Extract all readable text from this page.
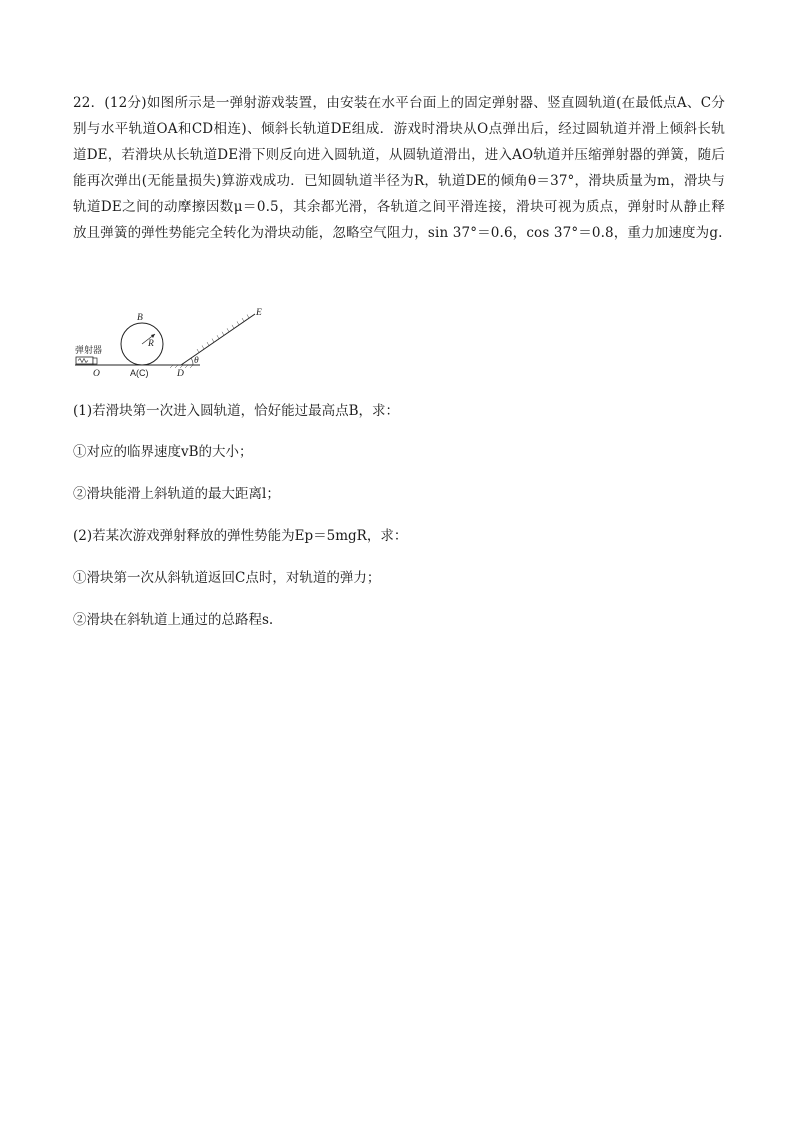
22．(12分)如图所示是一弹射游戏装置，由安装在水平台面上的固定弹射器、竖直圆轨道(在最低点A、C分别与水平轨道OA和CD相连)、倾斜长轨道DE组成．游戏时滑块从O点弹出后，经过圆轨道并滑上倾斜长轨道DE，若滑块从长轨道DE滑下则反向进入圆轨道，从圆轨道滑出，进入AO轨道并压缩弹射器的弹簧，随后能再次弹出(无能量损失)算游戏成功．已知圆轨道半径为R，轨道DE的倾角θ＝37°，滑块质量为m，滑块与轨道DE之间的动摩擦因数μ＝0.5，其余都光滑，各轨道之间平滑连接，滑块可视为质点，弹射时从静止释放且弹簧的弹性势能完全转化为滑块动能，忽略空气阻力，sin 37°＝0.6，cos 37°＝0.8，重力加速度为g.
弹射器
R
B
θ
E
O	A(C)	D
(1)若滑块第一次进入圆轨道，恰好能过最高点B，求：
①对应的临界速度vB的大小；
②滑块能滑上斜轨道的最大距离l；
(2)若某次游戏弹射释放的弹性势能为Ep＝5mgR，求：
①滑块第一次从斜轨道返回C点时，对轨道的弹力；
②滑块在斜轨道上通过的总路程s.
